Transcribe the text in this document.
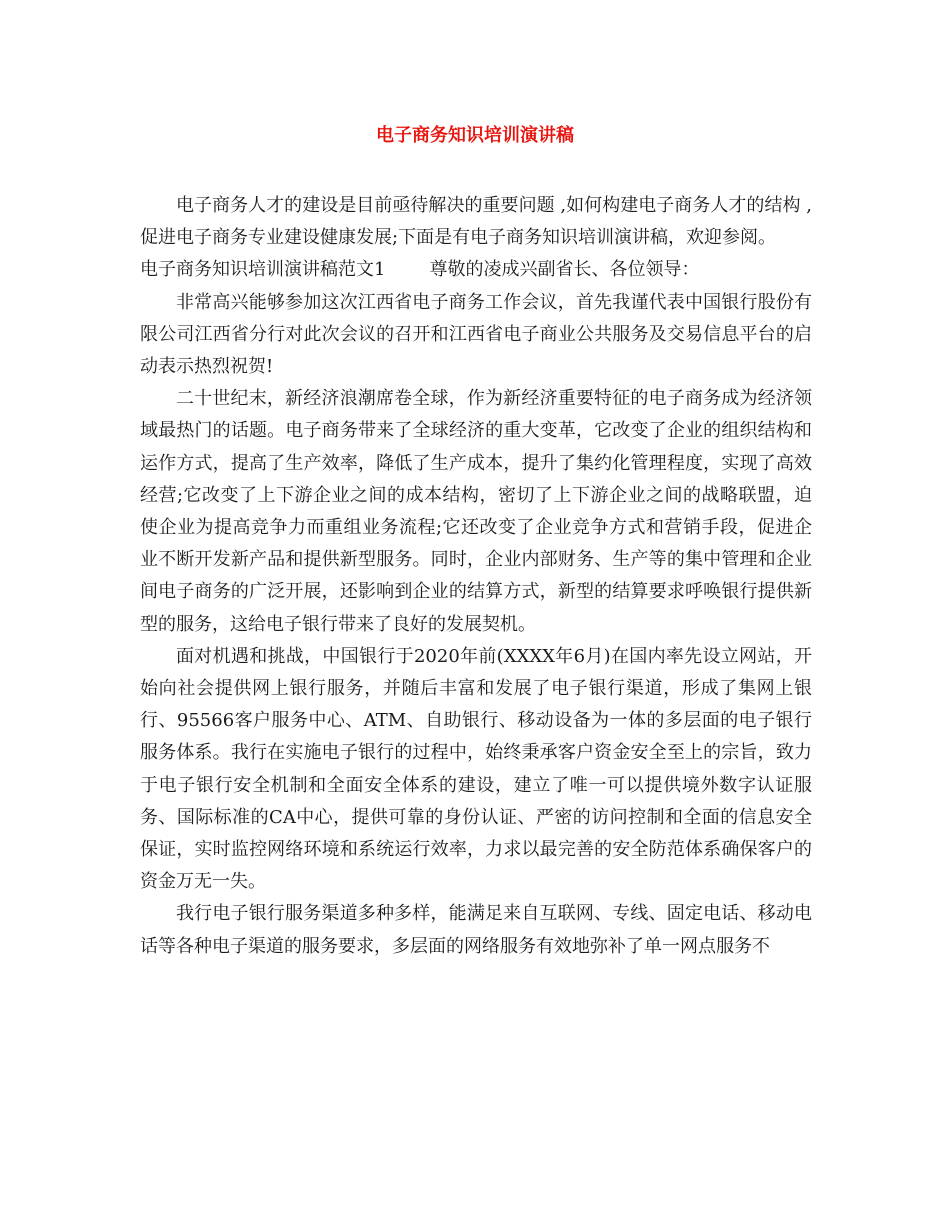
电子商务知识培训演讲稿

电子商务人才的建设是目前亟待解决的重要问题 ,如何构建电子商务人才的结构 ,促进电子商务专业建设健康发展;下面是有电子商务知识培训演讲稿，欢迎参阅。

电子商务知识培训演讲稿范文1 尊敬的凌成兴副省长、各位领导：

非常高兴能够参加这次江西省电子商务工作会议，首先我谨代表中国银行股份有限公司江西省分行对此次会议的召开和江西省电子商业公共服务及交易信息平台的启动表示热烈祝贺!

二十世纪末，新经济浪潮席卷全球，作为新经济重要特征的电子商务成为经济领域最热门的话题。电子商务带来了全球经济的重大变革，它改变了企业的组织结构和运作方式，提高了生产效率，降低了生产成本，提升了集约化管理程度，实现了高效经营;它改变了上下游企业之间的成本结构，密切了上下游企业之间的战略联盟，迫使企业为提高竞争力而重组业务流程;它还改变了企业竞争方式和营销手段，促进企业不断开发新产品和提供新型服务。同时，企业内部财务、生产等的集中管理和企业间电子商务的广泛开展，还影响到企业的结算方式，新型的结算要求呼唤银行提供新型的服务，这给电子银行带来了良好的发展契机。

面对机遇和挑战，中国银行于2020年前(XXXX年6月)在国内率先设立网站，开始向社会提供网上银行服务，并随后丰富和发展了电子银行渠道，形成了集网上银行、95566客户服务中心、ATM、自助银行、移动设备为一体的多层面的电子银行服务体系。我行在实施电子银行的过程中，始终秉承客户资金安全至上的宗旨，致力于电子银行安全机制和全面安全体系的建设，建立了唯一可以提供境外数字认证服务、国际标准的CA中心，提供可靠的身份认证、严密的访问控制和全面的信息安全保证，实时监控网络环境和系统运行效率，力求以最完善的安全防范体系确保客户的资金万无一失。

我行电子银行服务渠道多种多样，能满足来自互联网、专线、固定电话、移动电话等各种电子渠道的服务要求，多层面的网络服务有效地弥补了单一网点服务不
